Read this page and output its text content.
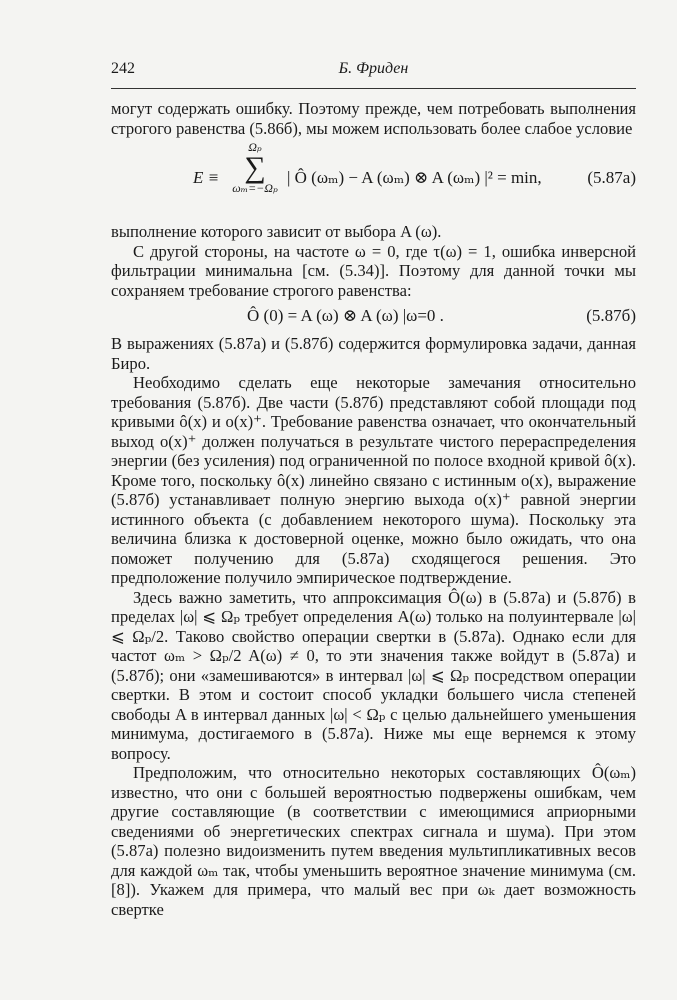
242	Б. Фриден

могут содержать ошибку. Поэтому прежде, чем потребовать выполнения строгого равенства (5.86б), мы можем использовать более слабое условие

E ≡
Ωₚ
∑
ωₘ=−Ωₚ
| Ô (ωₘ) − A (ωₘ) ⊗ A (ωₘ) |² = min,	(5.87а)

выполнение которого зависит от выбора A (ω).

С другой стороны, на частоте ω = 0, где τ(ω) = 1, ошибка инверсной фильтрации минимальна [см. (5.34)]. Поэтому для данной точки мы сохраняем требование строгого равенства:

Ô (0) = A (ω) ⊗ A (ω) |ω=0 .	(5.87б)

В выражениях (5.87а) и (5.87б) содержится формулировка задачи, данная Биро.

Необходимо сделать еще некоторые замечания относительно требования (5.87б). Две части (5.87б) представляют собой площади под кривыми ô(x) и o(x)⁺. Требование равенства означает, что окончательный выход o(x)⁺ должен получаться в результате чистого перераспределения энергии (без усиления) под ограниченной по полосе входной кривой ô(x). Кроме того, поскольку ô(x) линейно связано с истинным o(x), выражение (5.87б) устанавливает полную энергию выхода o(x)⁺ равной энергии истинного объекта (с добавлением некоторого шума). Поскольку эта величина близка к достоверной оценке, можно было ожидать, что она поможет получению для (5.87а) сходящегося решения. Это предположение получило эмпирическое подтверждение.

Здесь важно заметить, что аппроксимация Ô(ω) в (5.87а) и (5.87б) в пределах |ω| ⩽ Ωₚ требует определения A(ω) только на полуинтервале |ω| ⩽ Ωₚ/2. Таково свойство операции свертки в (5.87а). Однако если для частот ωₘ > Ωₚ/2 A(ω) ≠ 0, то эти значения также войдут в (5.87а) и (5.87б); они «замешиваются» в интервал |ω| ⩽ Ωₚ посредством операции свертки. В этом и состоит способ укладки большего числа степеней свободы A в интервал данных |ω| < Ωₚ с целью дальнейшего уменьшения минимума, достигаемого в (5.87а). Ниже мы еще вернемся к этому вопросу.

Предположим, что относительно некоторых составляющих Ô(ωₘ) известно, что они с большей вероятностью подвержены ошибкам, чем другие составляющие (в соответствии с имеющимися априорными сведениями об энергетических спектрах сигнала и шума). При этом (5.87а) полезно видоизменить путем введения мультипликативных весов для каждой ωₘ так, чтобы уменьшить вероятное значение минимума (см. [8]). Укажем для примера, что малый вес при ωₖ дает возможность свертке
